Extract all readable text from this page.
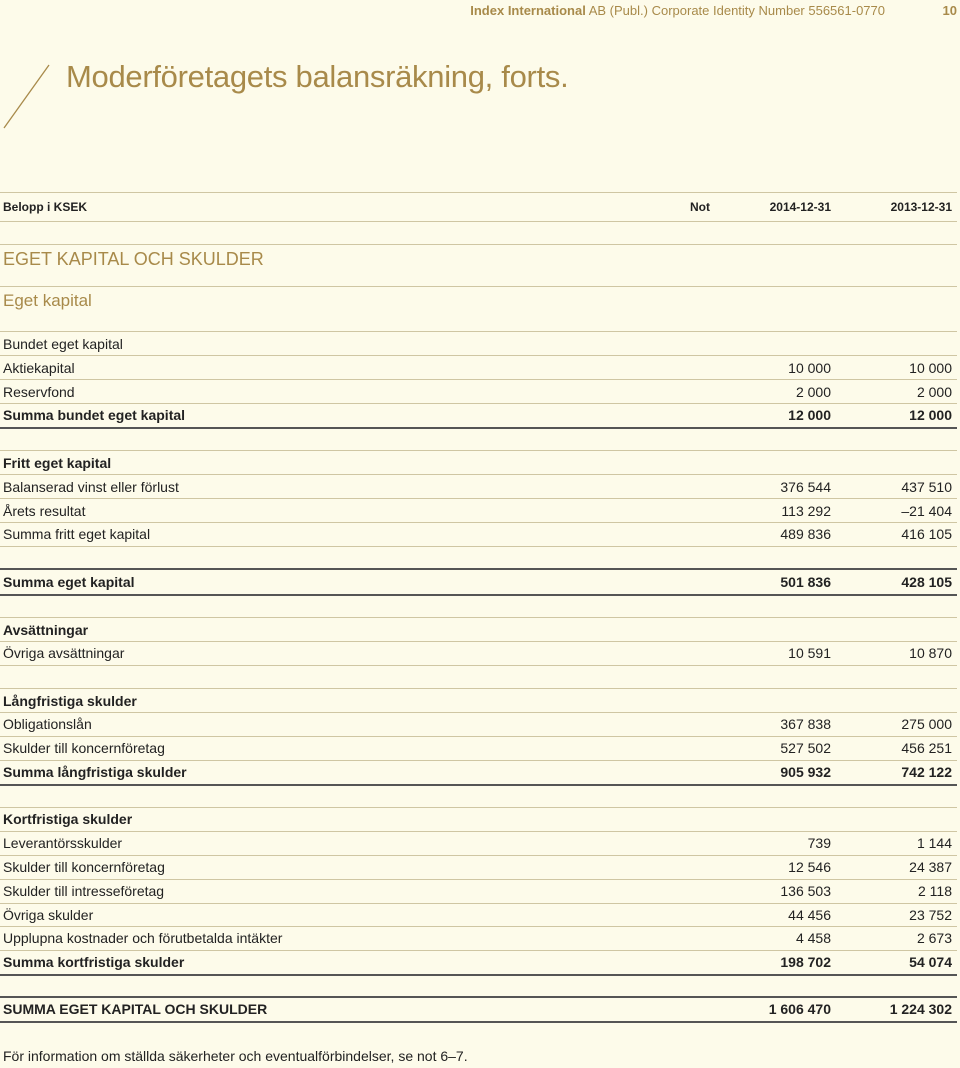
Index International AB (Publ.) Corporate Identity Number 556561-0770	10
Moderföretagets balansräkning, forts.
Belopp i KSEK	Not	2014-12-31	2013-12-31
EGET KAPITAL OCH SKULDER
Eget kapital
Bundet eget kapital
Aktiekapital	10 000	10 000
Reservfond	2 000	2 000
Summa bundet eget kapital	12 000	12 000
Fritt eget kapital
Balanserad vinst eller förlust	376 544	437 510
Årets resultat	113 292	–21 404
Summa fritt eget kapital	489 836	416 105
Summa eget kapital	501 836	428 105
Avsättningar
Övriga avsättningar	10 591	10 870
Långfristiga skulder
Obligationslån	367 838	275 000
Skulder till koncernföretag	527 502	456 251
Summa långfristiga skulder	905 932	742 122
Kortfristiga skulder
Leverantörsskulder	739	1 144
Skulder till koncernföretag	12 546	24 387
Skulder till intresseföretag	136 503	2 118
Övriga skulder	44 456	23 752
Upplupna kostnader och förutbetalda intäkter	4 458	2 673
Summa kortfristiga skulder	198 702	54 074
SUMMA EGET KAPITAL OCH SKULDER	1 606 470	1 224 302
För information om ställda säkerheter och eventualförbindelser, se not 6–7.
